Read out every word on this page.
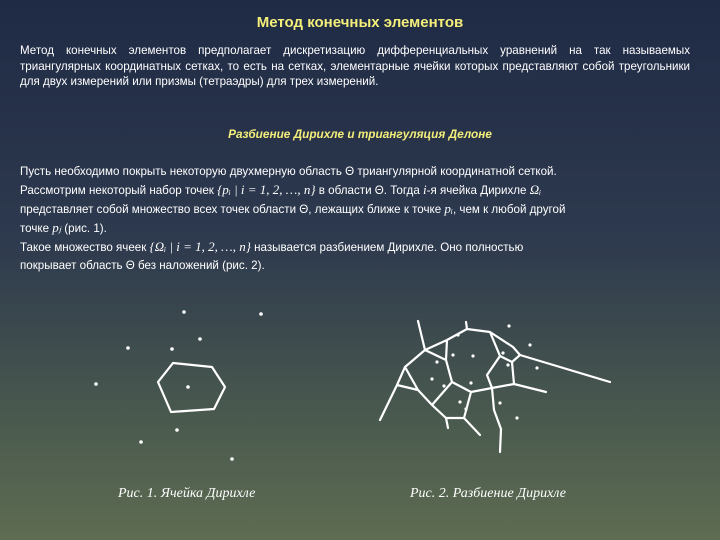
Метод конечных элементов
Метод конечных элементов предполагает дискретизацию дифференциальных уравнений на так называемых триангулярных координатных сетках, то есть на сетках, элементарные ячейки которых представляют собой треугольники для двух измерений или призмы (тетраэдры) для трех измерений.
Разбиение Дирихле и триангуляция Делоне
Пусть необходимо покрыть некоторую двухмерную область Θ триангулярной координатной сеткой.
Рассмотрим некоторый набор точек {pᵢ | i = 1, 2, …, n} в области Θ. Тогда i-я ячейка Дирихле Ωᵢ
представляет собой множество всех точек области Θ, лежащих ближе к точке pᵢ, чем к любой другой
точке pⱼ (рис. 1).
Такое множество ячеек {Ωᵢ | i = 1, 2, …, n} называется разбиением Дирихле. Оно полностью
покрывает область Θ без наложений (рис. 2).
Рис. 1. Ячейка Дирихле	Рис. 2. Разбиение Дирихле
